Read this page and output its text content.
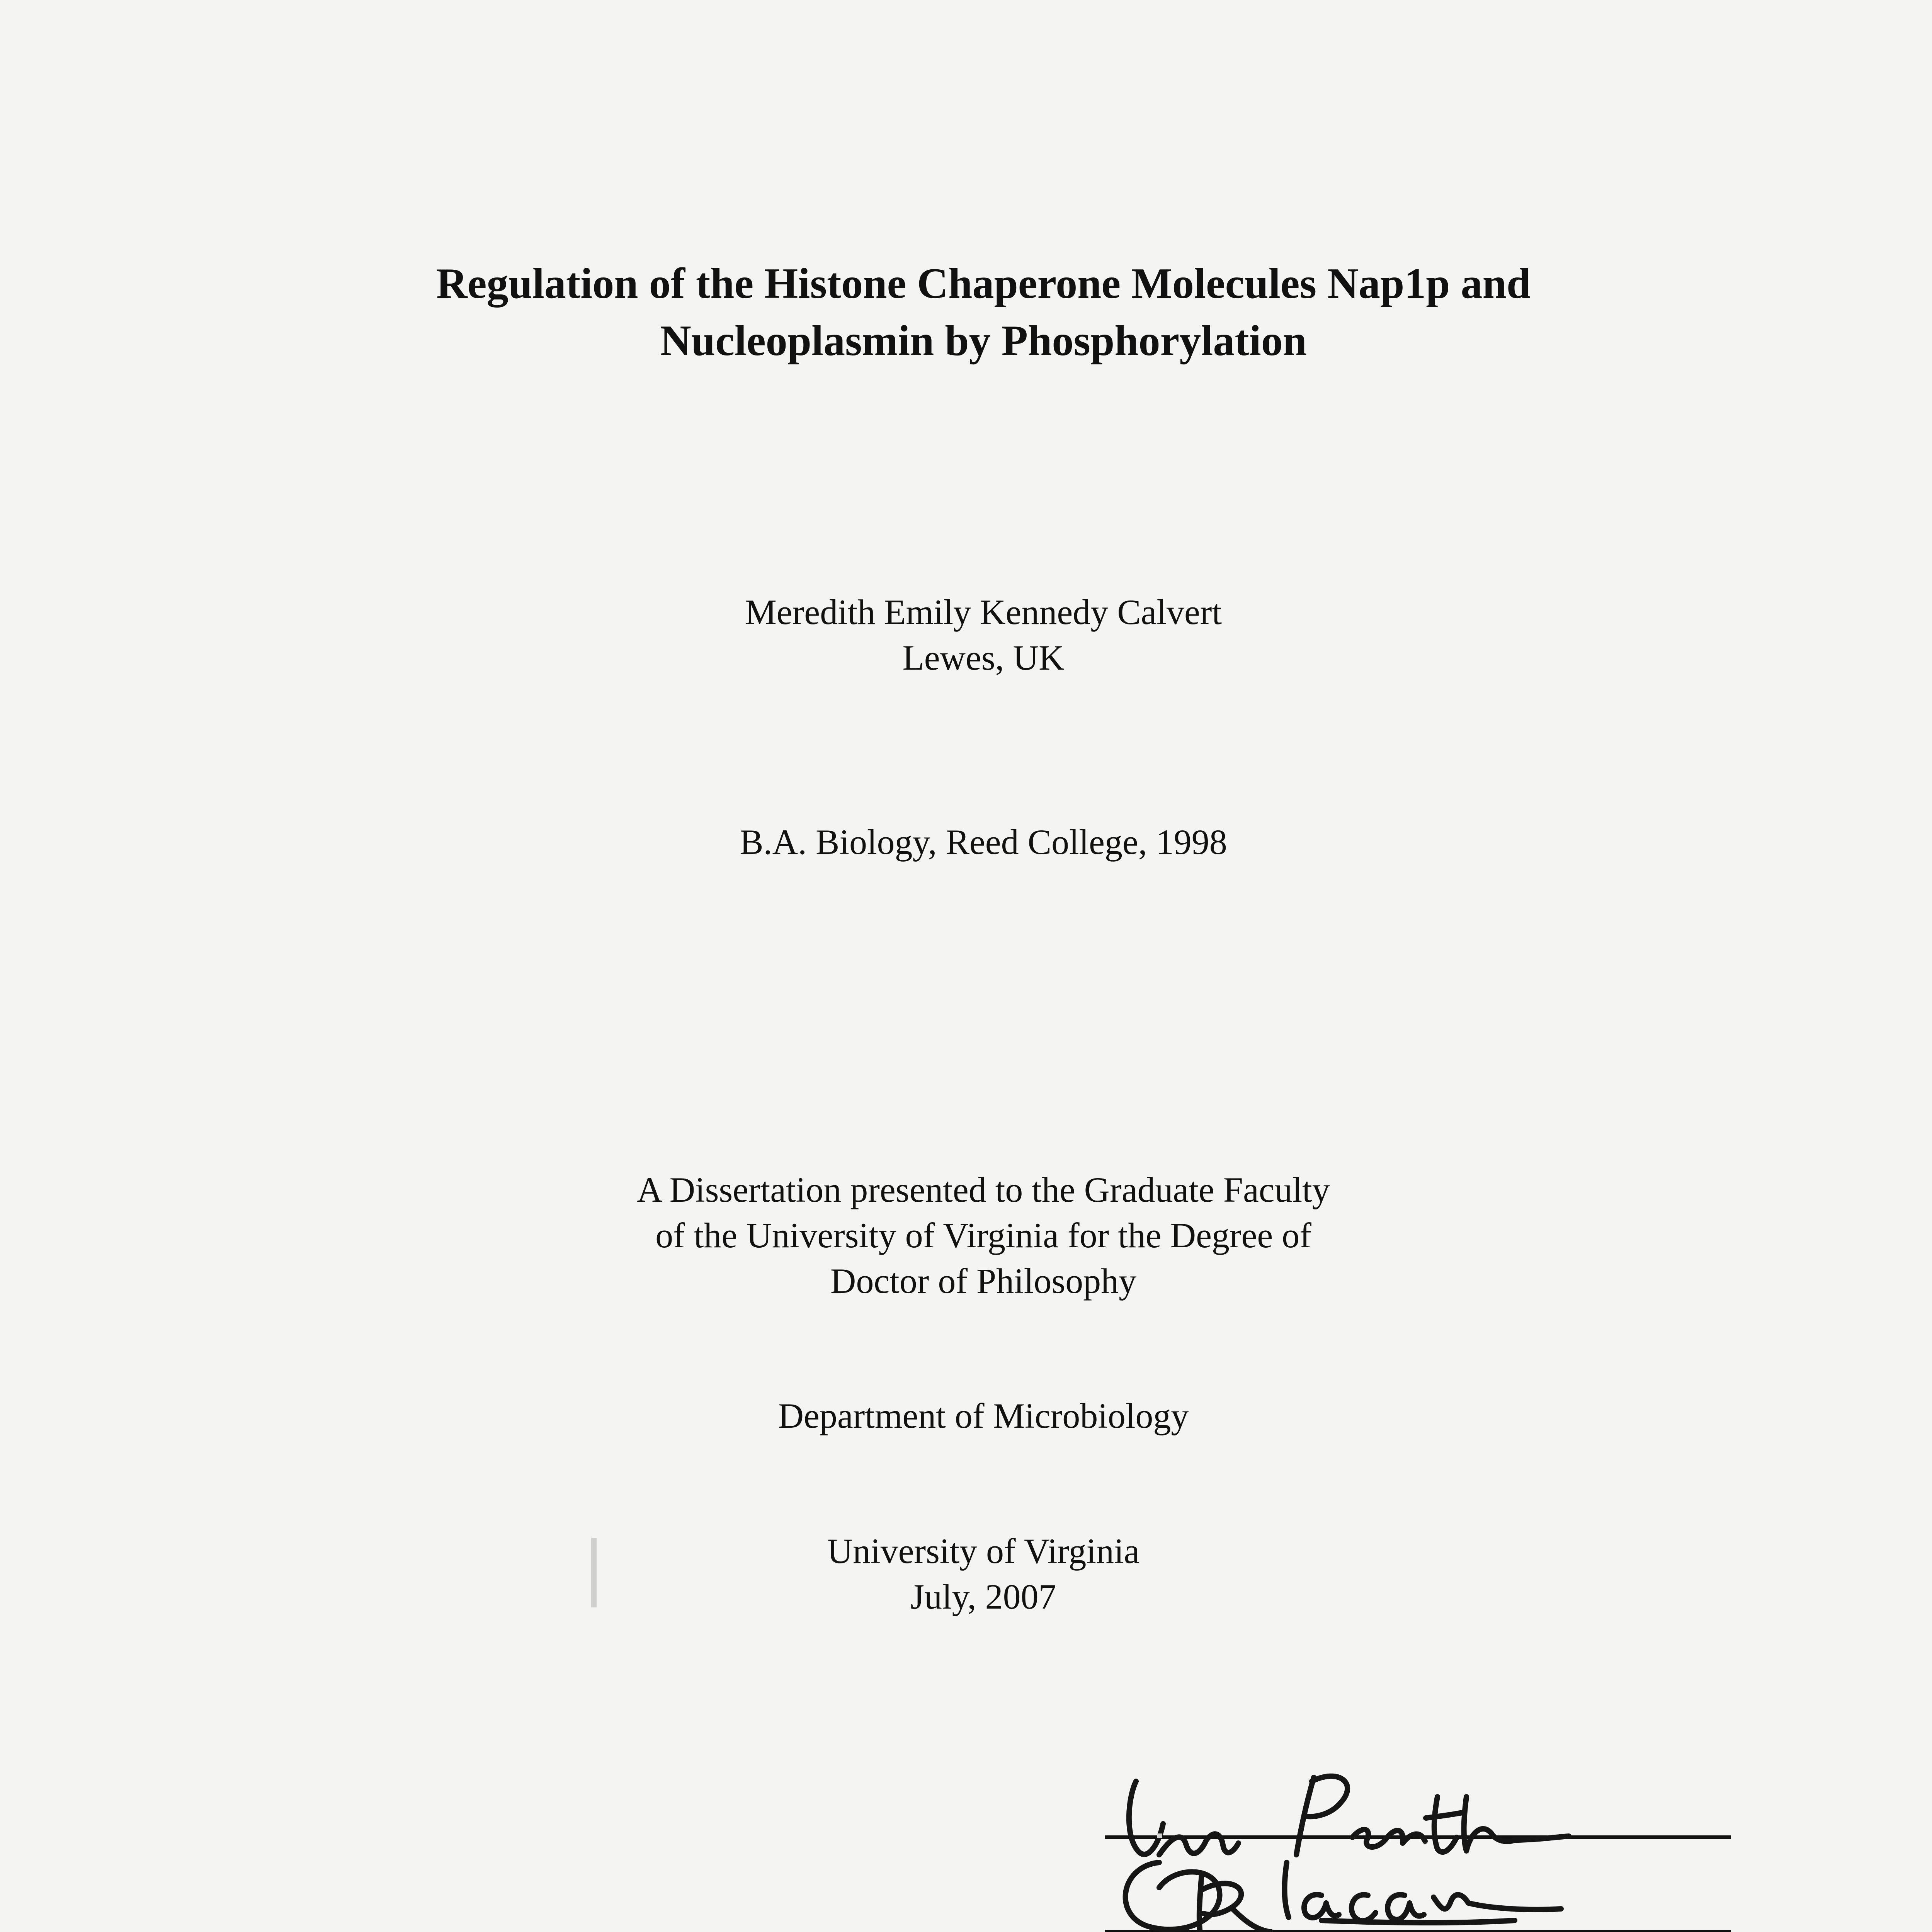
Regulation of the Histone Chaperone Molecules Nap1p and
Nucleoplasmin by Phosphorylation
Meredith Emily Kennedy Calvert
Lewes, UK
B.A. Biology, Reed College, 1998
A Dissertation presented to the Graduate Faculty
of the University of Virginia for the Degree of
Doctor of Philosophy
Department of Microbiology
University of Virginia
July, 2007
